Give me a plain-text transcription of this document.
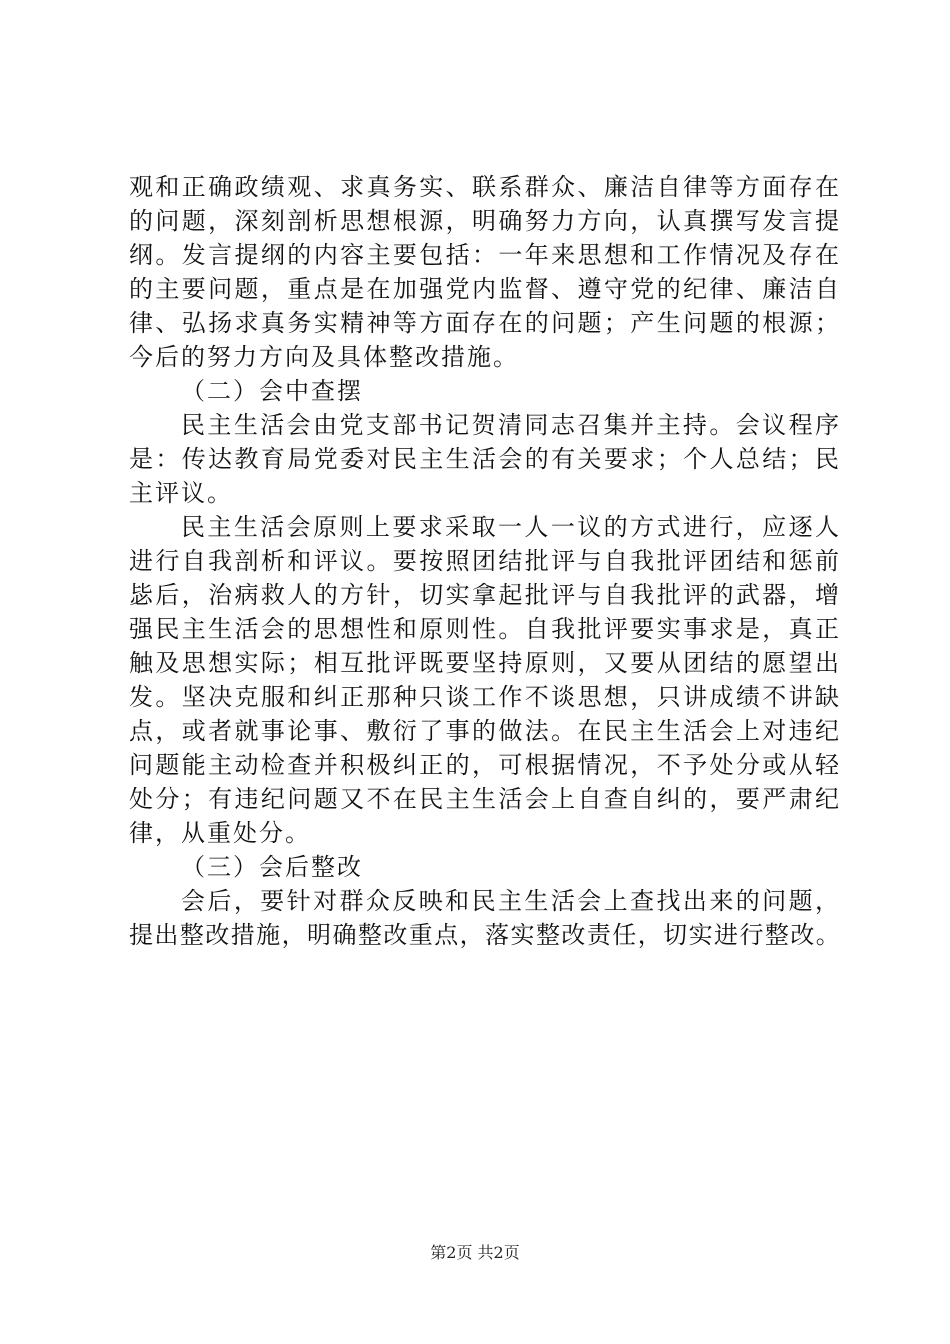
观和正确政绩观、求真务实、联系群众、廉洁自律等方面存在
的问题，深刻剖析思想根源，明确努力方向，认真撰写发言提
纲。发言提纲的内容主要包括：一年来思想和工作情况及存在
的主要问题，重点是在加强党内监督、遵守党的纪律、廉洁自
律、弘扬求真务实精神等方面存在的问题；产生问题的根源；
今后的努力方向及具体整改措施。
（二）会中查摆
民主生活会由党支部书记贺清同志召集并主持。会议程序
是：传达教育局党委对民主生活会的有关要求；个人总结；民
主评议。
民主生活会原则上要求采取一人一议的方式进行，应逐人
进行自我剖析和评议。要按照团结批评与自我批评团结和惩前
毖后，治病救人的方针，切实拿起批评与自我批评的武器，增
强民主生活会的思想性和原则性。自我批评要实事求是，真正
触及思想实际；相互批评既要坚持原则，又要从团结的愿望出
发。坚决克服和纠正那种只谈工作不谈思想，只讲成绩不讲缺
点，或者就事论事、敷衍了事的做法。在民主生活会上对违纪
问题能主动检查并积极纠正的，可根据情况，不予处分或从轻
处分；有违纪问题又不在民主生活会上自查自纠的，要严肃纪
律，从重处分。
（三）会后整改
会后，要针对群众反映和民主生活会上查找出来的问题，
提出整改措施，明确整改重点，落实整改责任，切实进行整改。
第2页 共2页
